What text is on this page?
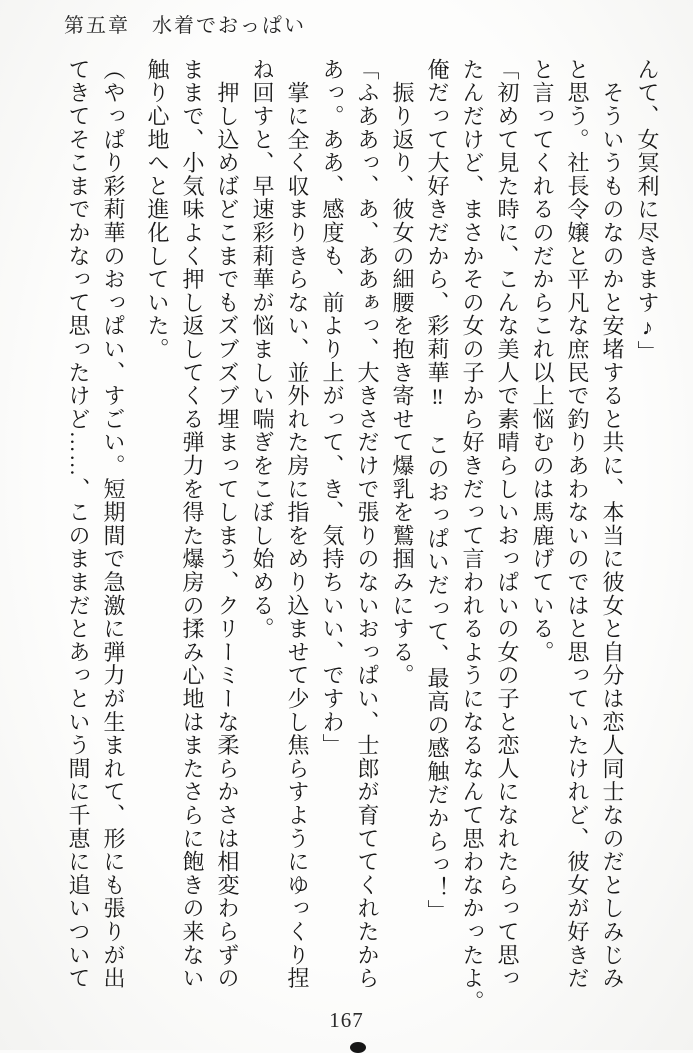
第五章　水着でおっぱい

んて、女冥利に尽きます♪」

　そういうものなのかと安堵すると共に、本当に彼女と自分は恋人同士なのだとしみじみ

と思う。社長令嬢と平凡な庶民で釣りあわないのではと思っていたけれど、彼女が好きだ

と言ってくれるのだからこれ以上悩むのは馬鹿げている。

「初めて見た時に、こんな美人で素晴らしいおっぱいの女の子と恋人になれたらって思っ

たんだけど、まさかその女の子から好きだって言われるようになるなんて思わなかったよ。

俺だって大好きだから、彩莉華‼　このおっぱいだって、最高の感触だからっ！」

　振り返り、彼女の細腰を抱き寄せて爆乳を鷲掴みにする。

「ふああっ、あ、ああぁっ、大きさだけで張りのないおっぱい、士郎が育ててくれたから

あっ。ああ、感度も、前より上がって、き、気持ちいい、ですわ」

　掌に全く収まりきらない、並外れた房に指をめり込ませて少し焦らすようにゆっくり捏

ね回すと、早速彩莉華が悩ましい喘ぎをこぼし始める。

　押し込めばどこまでもズブズブ埋まってしまう、クリーミーな柔らかさは相変わらずの

ままで、小気味よく押し返してくる弾力を得た爆房の揉み心地はまたさらに飽きの来ない

触り心地へと進化していた。

（やっぱり彩莉華のおっぱい、すごい。短期間で急激に弾力が生まれて、形にも張りが出

てきてそこまでかなって思ったけど……、このままだとあっという間に千恵に追いついて

167
